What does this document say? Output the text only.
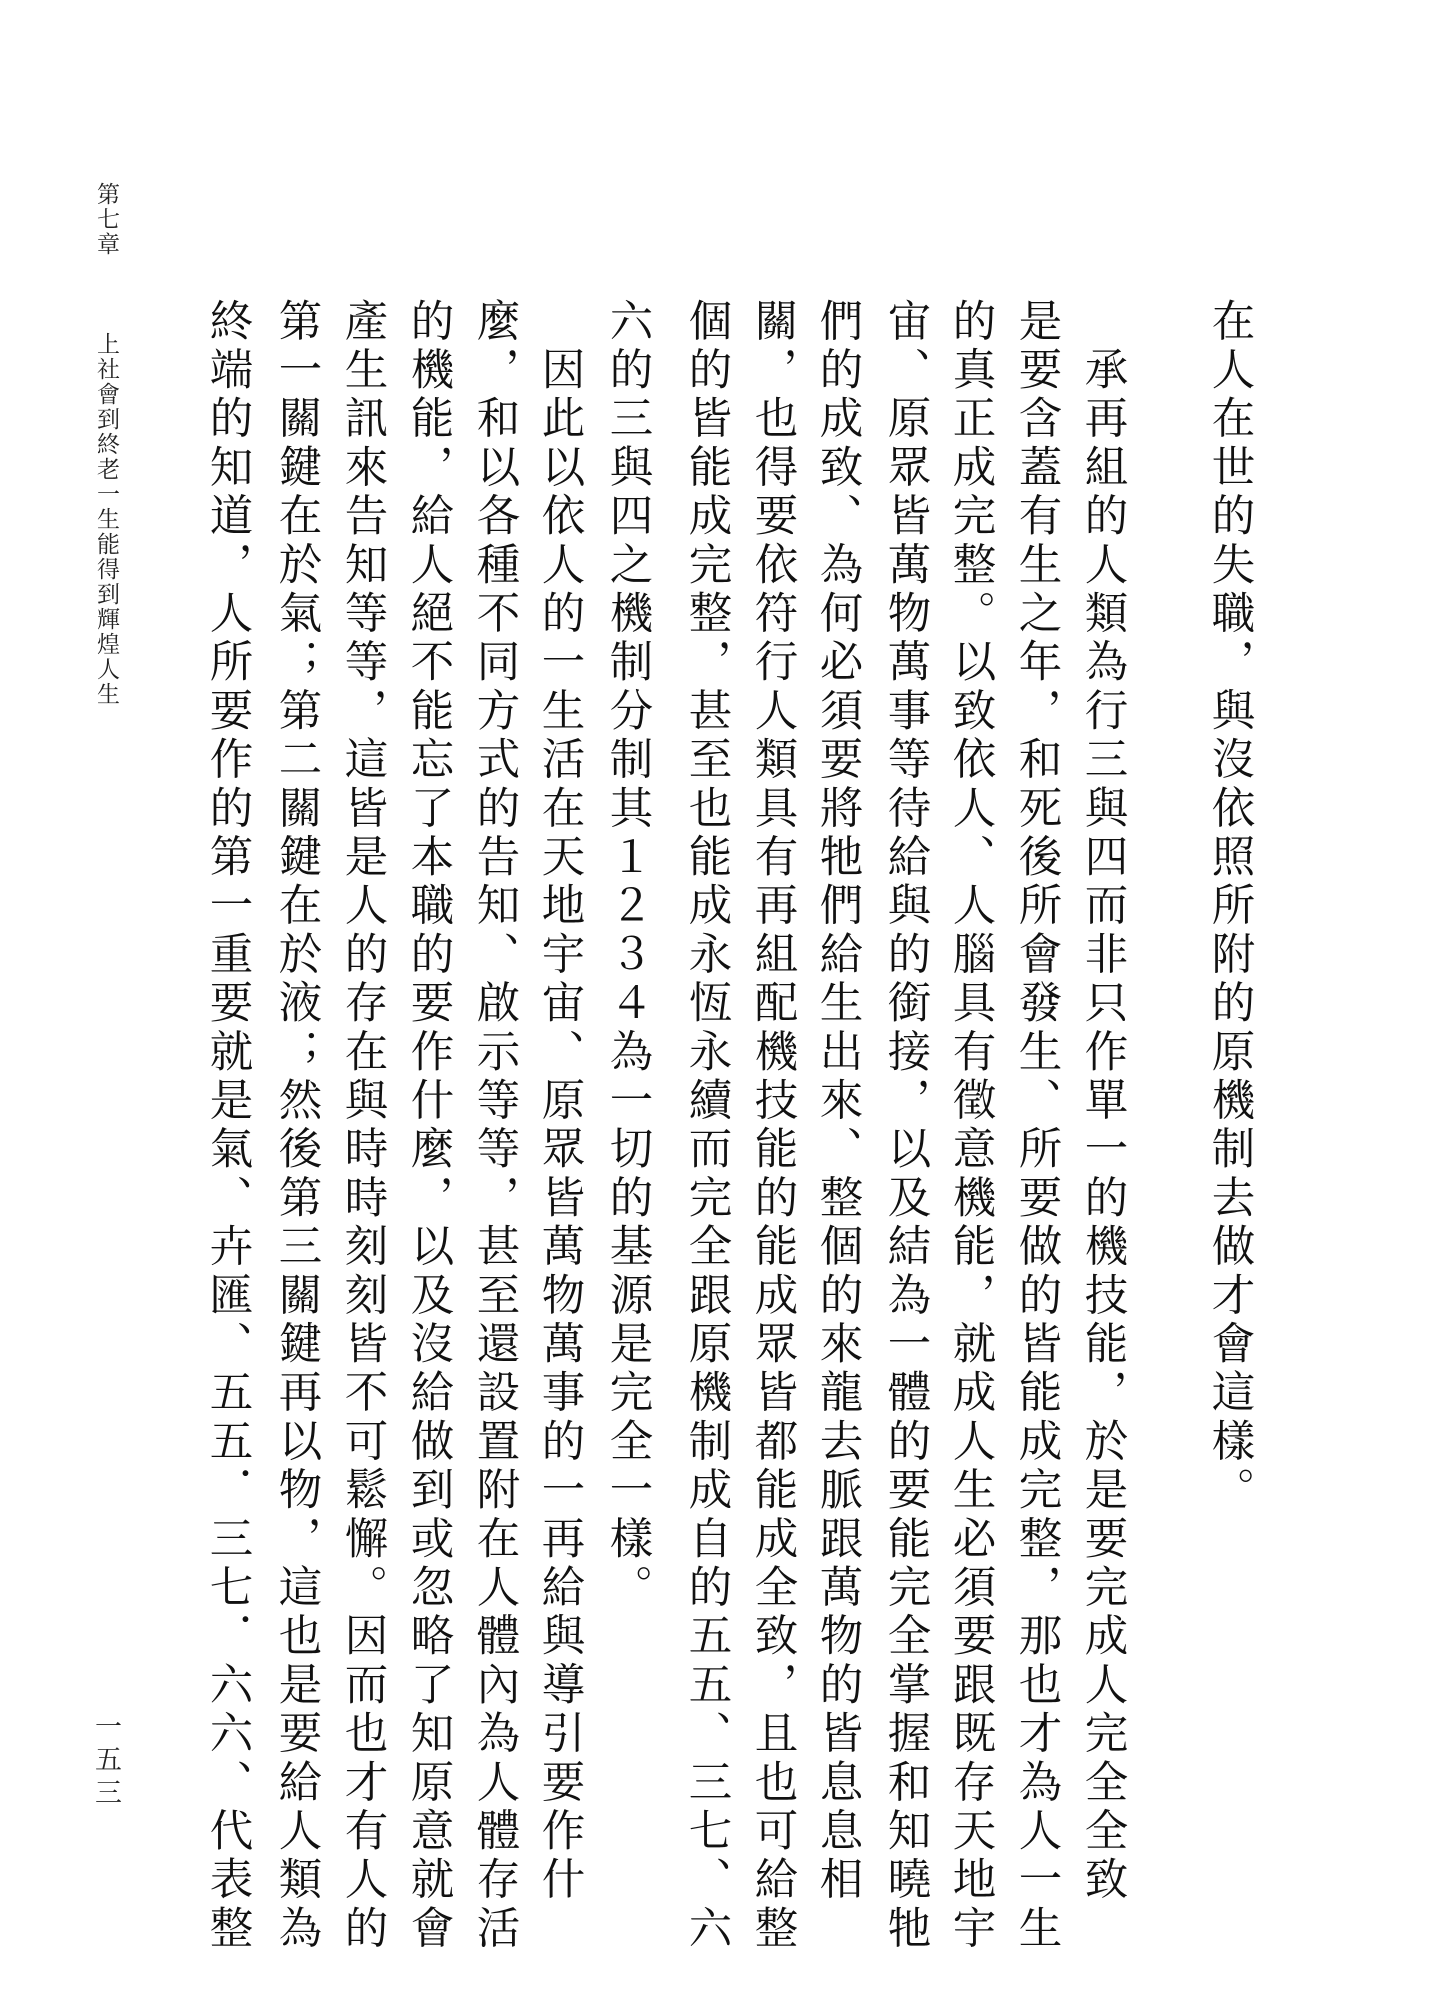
第七章
上社會到終老一生能得到輝煌人生
一五三
在人在世的失職，與沒依照所附的原機制去做才會這樣。
　承再組的人類為行三與四而非只作單一的機技能，於是要完成人完全全致
是要含蓋有生之年，和死後所會發生、所要做的皆能成完整，那也才為人一生
的真正成完整。以致依人、人腦具有徵意機能，就成人生必須要跟既存天地宇
宙、原眾皆萬物萬事等待給與的銜接，以及結為一體的要能完全掌握和知曉牠
們的成致、為何必須要將牠們給生出來、整個的來龍去脈跟萬物的皆息息相
關，也得要依符行人類具有再組配機技能的能成眾皆都能成全致，且也可給整
個的皆能成完整，甚至也能成永恆永續而完全跟原機制成自的五五、三七、六
六的三與四之機制分制其１２３４為一切的基源是完全一樣。
　因此以依人的一生活在天地宇宙、原眾皆萬物萬事的一再給與導引要作什
麼，和以各種不同方式的告知、啟示等等，甚至還設置附在人體內為人體存活
的機能，給人絕不能忘了本職的要作什麼，以及沒給做到或忽略了知原意就會
產生訊來告知等等，這皆是人的存在與時時刻刻皆不可鬆懈。因而也才有人的
第一關鍵在於氣；第二關鍵在於液；然後第三關鍵再以物，這也是要給人類為
終端的知道，人所要作的第一重要就是氣、卉匯、五五．三七．六六、代表整
